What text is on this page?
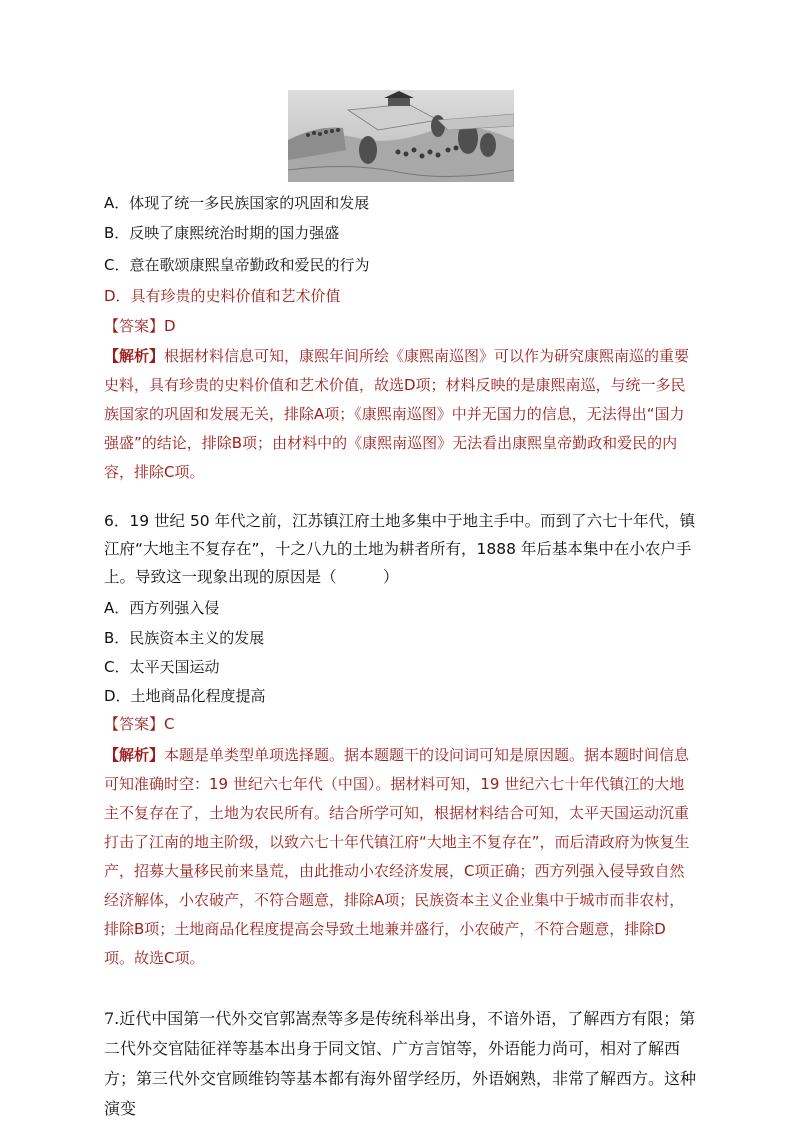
A．体现了统一多民族国家的巩固和发展
B．反映了康熙统治时期的国力强盛
C．意在歌颂康熙皇帝勤政和爱民的行为
D．具有珍贵的史料价值和艺术价值
【答案】D
【解析】根据材料信息可知，康熙年间所绘《康熙南巡图》可以作为研究康熙南巡的重要史料，具有珍贵的史料价值和艺术价值，故选D项；材料反映的是康熙南巡，与统一多民族国家的巩固和发展无关，排除A项；《康熙南巡图》中并无国力的信息，无法得出“国力强盛”的结论，排除B项；由材料中的《康熙南巡图》无法看出康熙皇帝勤政和爱民的内容，排除C项。
6．19 世纪 50 年代之前，江苏镇江府土地多集中于地主手中。而到了六七十年代，镇江府“大地主不复存在”，十之八九的土地为耕者所有，1888 年后基本集中在小农户手上。导致这一现象出现的原因是（　　　）
A．西方列强入侵
B．民族资本主义的发展
C．太平天国运动
D．土地商品化程度提高
【答案】C
【解析】本题是单类型单项选择题。据本题题干的设问词可知是原因题。据本题时间信息可知准确时空：19 世纪六七年代（中国）。据材料可知，19 世纪六七十年代镇江的大地主不复存在了，土地为农民所有。结合所学可知，根据材料结合可知，太平天国运动沉重打击了江南的地主阶级，以致六七十年代镇江府“大地主不复存在”，而后清政府为恢复生产，招募大量移民前来垦荒，由此推动小农经济发展，C项正确；西方列强入侵导致自然经济解体，小农破产，不符合题意，排除A项；民族资本主义企业集中于城市而非农村，排除B项；土地商品化程度提高会导致土地兼并盛行，小农破产，不符合题意，排除D项。故选C项。
7.近代中国第一代外交官郭嵩焘等多是传统科举出身，不谙外语，了解西方有限；第二代外交官陆征祥等基本出身于同文馆、广方言馆等，外语能力尚可，相对了解西方；第三代外交官顾维钧等基本都有海外留学经历，外语娴熟，非常了解西方。这种演变
